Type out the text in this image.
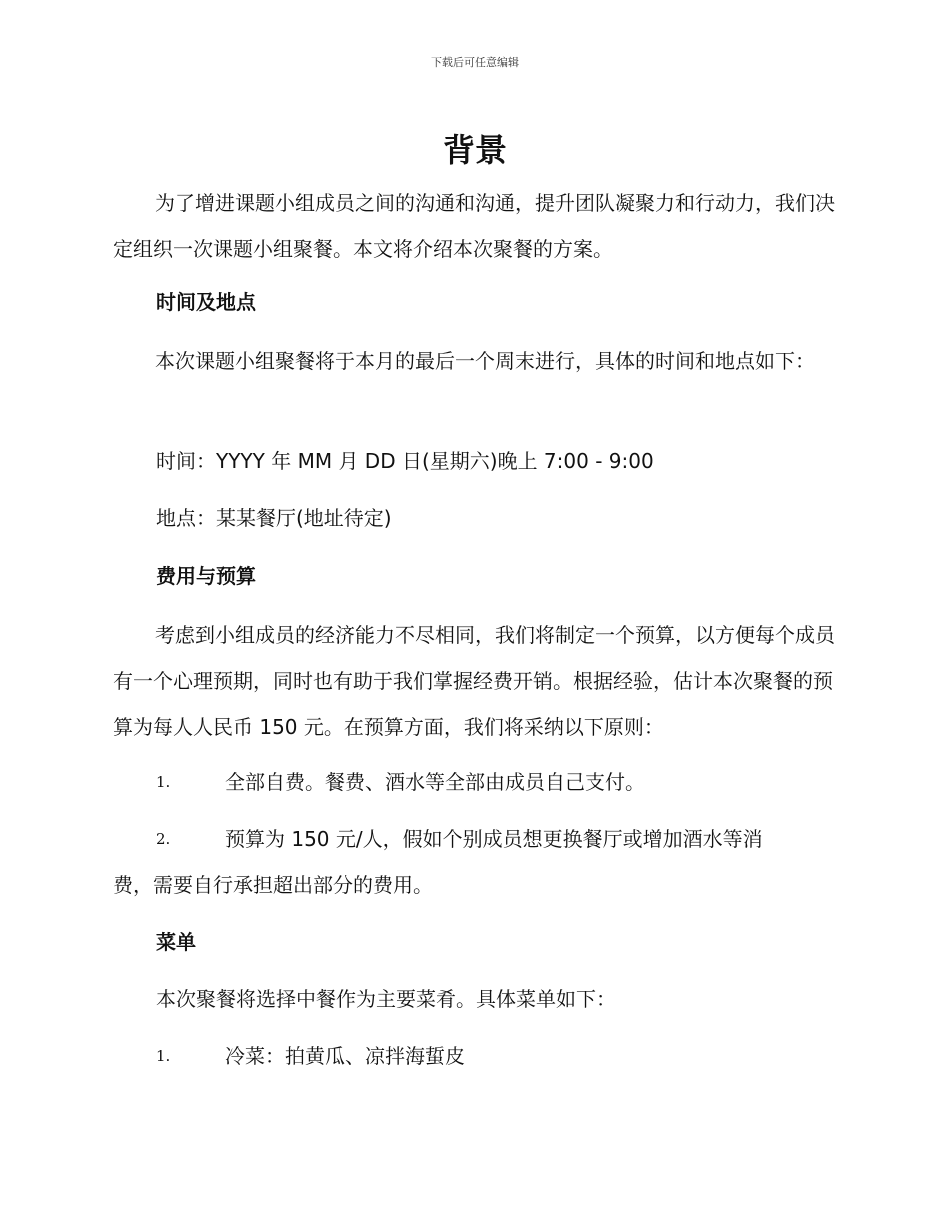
下载后可任意编辑
背景

为了增进课题小组成员之间的沟通和沟通，提升团队凝聚力和行动力，我们决定组织一次课题小组聚餐。本文将介绍本次聚餐的方案。

时间及地点

本次课题小组聚餐将于本月的最后一个周末进行，具体的时间和地点如下：

时间：YYYY 年 MM 月 DD 日(星期六)晚上 7:00 - 9:00
地点：某某餐厅(地址待定)
费用与预算

考虑到小组成员的经济能力不尽相同，我们将制定一个预算，以方便每个成员有一个心理预期，同时也有助于我们掌握经费开销。根据经验，估计本次聚餐的预算为每人人民币 150 元。在预算方面，我们将采纳以下原则：

1.	全部自费。餐费、酒水等全部由成员自己支付。
2.	预算为 150 元/人，假如个别成员想更换餐厅或增加酒水等消
费，需要自行承担超出部分的费用。
菜单
本次聚餐将选择中餐作为主要菜肴。具体菜单如下：
1.	冷菜：拍黄瓜、凉拌海蜇皮
